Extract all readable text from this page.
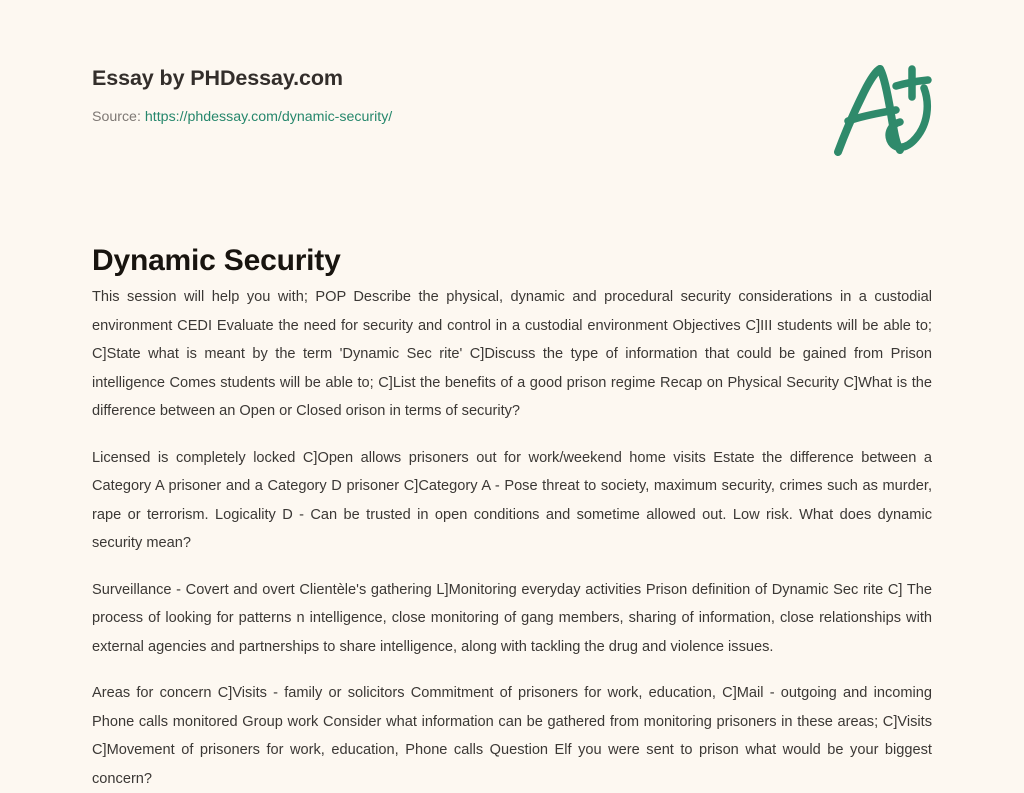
Essay by PHDessay.com
Source: https://phdessay.com/dynamic-security/
Dynamic Security

This session will help you with; POP Describe the physical, dynamic and procedural security considerations in a custodial environment CEDI Evaluate the need for security and control in a custodial environment Objectives C]III students will be able to; C]State what is meant by the term 'Dynamic Sec rite' C]Discuss the type of information that could be gained from Prison intelligence Comes students will be able to; C]List the benefits of a good prison regime Recap on Physical Security C]What is the difference between an Open or Closed orison in terms of security?

Licensed is completely locked C]Open allows prisoners out for work/weekend home visits Estate the difference between a Category A prisoner and a Category D prisoner C]Category A - Pose threat to society, maximum security, crimes such as murder, rape or terrorism. Logicality D - Can be trusted in open conditions and sometime allowed out. Low risk. What does dynamic security mean?

Surveillance - Covert and overt Clientèle's gathering L]Monitoring everyday activities Prison definition of Dynamic Sec rite C] The process of looking for patterns n intelligence, close monitoring of gang members, sharing of information, close relationships with external agencies and partnerships to share intelligence, along with tackling the drug and violence issues.

Areas for concern C]Visits - family or solicitors Commitment of prisoners for work, education, C]Mail - outgoing and incoming Phone calls monitored Group work Consider what information can be gathered from monitoring prisoners in these areas; C]Visits C]Movement of prisoners for work, education, Phone calls Question Elf you were sent to prison what would be your biggest concern?
